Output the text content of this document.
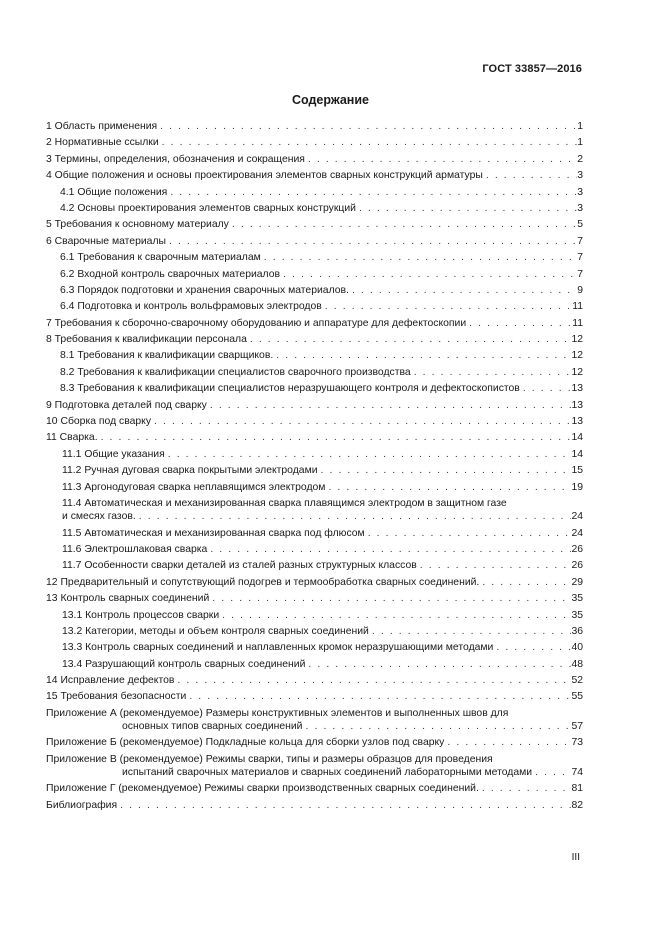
ГОСТ 33857—2016
Содержание
1 Область применения . . .	1
2 Нормативные ссылки . . .	1
3 Термины, определения, обозначения и сокращения . . .	2
4 Общие положения и основы проектирования элементов сварных конструкций арматуры . . .	3
4.1 Общие положения . . .	3
4.2 Основы проектирования элементов сварных конструкций . . .	3
5 Требования к основному материалу . . .	5
6 Сварочные материалы . . .	7
6.1 Требования к сварочным материалам . . .	7
6.2 Входной контроль сварочных материалов . . .	7
6.3 Порядок подготовки и хранения сварочных материалов. . . .	9
6.4 Подготовка и контроль вольфрамовых электродов . . .	11
7 Требования к сборочно-сварочному оборудованию и аппаратуре для дефектоскопии . . .	11
8 Требования к квалификации персонала . . .	12
8.1 Требования к квалификации сварщиков. . . .	12
8.2 Требования к квалификации специалистов сварочного производства . . .	12
8.3 Требования к квалификации специалистов неразрушающего контроля и дефектоскопистов . . .	13
9 Подготовка деталей под сварку . . .	13
10 Сборка под сварку . . .	13
11 Сварка. . . .	14
11.1 Общие указания . . .	14
11.2 Ручная дуговая сварка покрытыми электродами . . .	15
11.3 Аргонодуговая сварка неплавящимся электродом . . .	19
11.4 Автоматическая и механизированная сварка плавящимся электродом в защитном газе
и смесях газов. . . .	24
11.5 Автоматическая и механизированная сварка под флюсом . . .	24
11.6 Электрошлаковая сварка . . .	26
11.7 Особенности сварки деталей из сталей разных структурных классов . . .	26
12 Предварительный и сопутствующий подогрев и термообработка сварных соединений. . . .	29
13 Контроль сварных соединений . . .	35
13.1 Контроль процессов сварки . . .	35
13.2 Категории, методы и объем контроля сварных соединений . . .	36
13.3 Контроль сварных соединений и наплавленных кромок неразрушающими методами . . .	40
13.4 Разрушающий контроль сварных соединений . . .	48
14 Исправление дефектов . . .	52
15 Требования безопасности . . .	55
Приложение А (рекомендуемое) Размеры конструктивных элементов и выполненных швов для
основных типов сварных соединений . . .	57
Приложение Б (рекомендуемое) Подкладные кольца для сборки узлов под сварку . . .	73
Приложение В (рекомендуемое) Режимы сварки, типы и размеры образцов для проведения
испытаний сварочных материалов и сварных соединений лабораторными методами . . .	74
Приложение Г (рекомендуемое) Режимы сварки производственных сварных соединений. . . .	81
Библиография . . .	82
III
